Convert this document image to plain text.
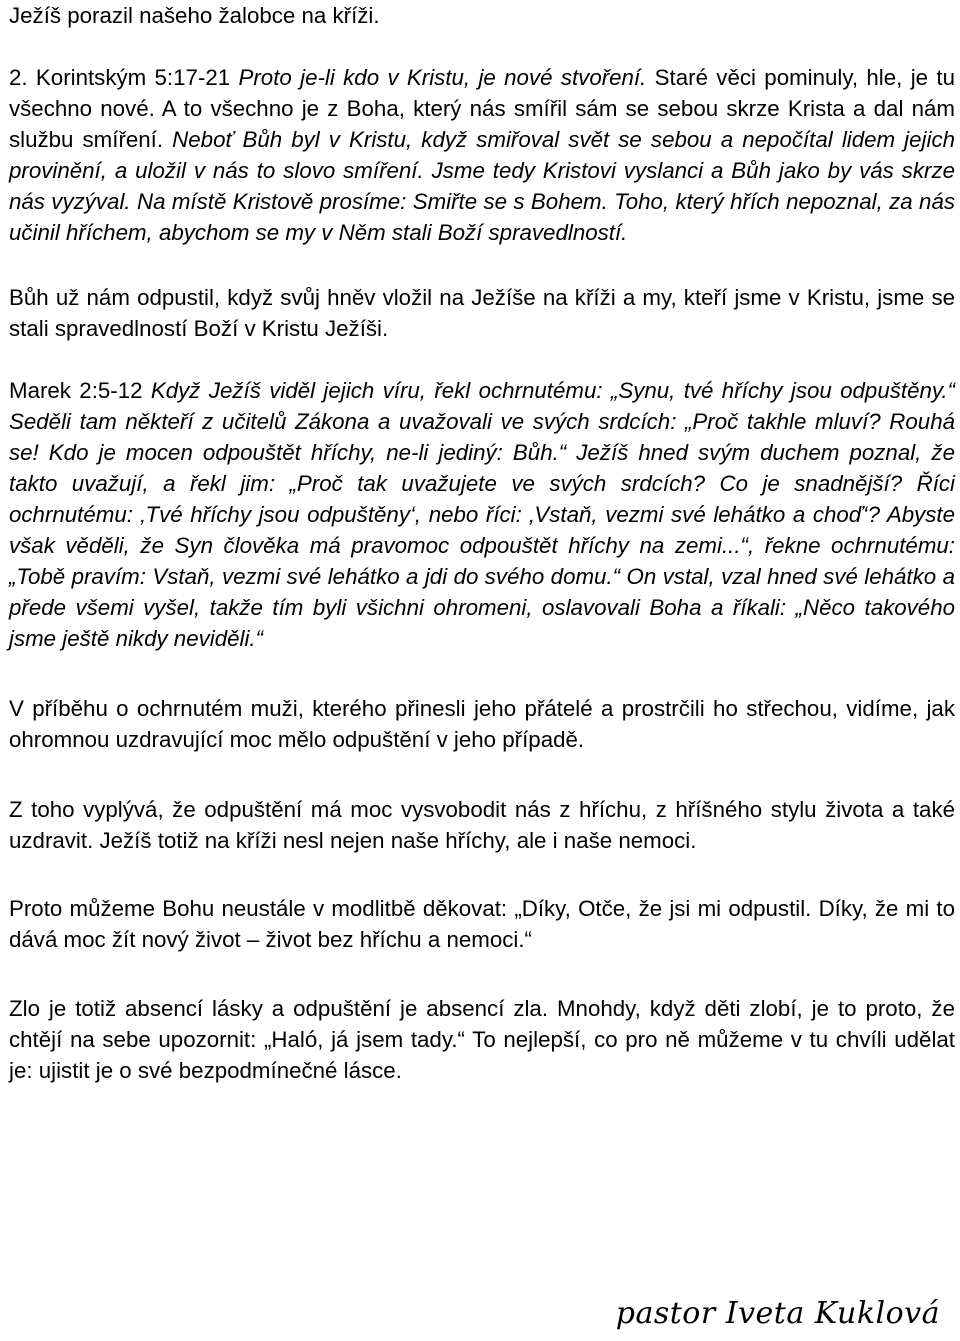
Ježíš porazil našeho žalobce na kříži.

2. Korintským 5:17-21 Proto je-li kdo v Kristu, je nové stvoření. Staré věci pominuly, hle, je tu všechno nové. A to všechno je z Boha, který nás smířil sám se sebou skrze Krista a dal nám službu smíření. Neboť Bůh byl v Kristu, když smiřoval svět se sebou a nepočítal lidem jejich provinění, a uložil v nás to slovo smíření. Jsme tedy Kristovi vyslanci a Bůh jako by vás skrze nás vyzýval. Na místě Kristově prosíme: Smiřte se s Bohem. Toho, který hřích nepoznal, za nás učinil hříchem, abychom se my v Něm stali Boží spravedlností.

Bůh už nám odpustil, když svůj hněv vložil na Ježíše na kříži a my, kteří jsme v Kristu, jsme se stali spravedlností Boží v Kristu Ježíši.

Marek 2:5-12 Když Ježíš viděl jejich víru, řekl ochrnutému: „Synu, tvé hříchy jsou odpuštěny.“ Seděli tam někteří z učitelů Zákona a uvažovali ve svých srdcích: „Proč takhle mluví? Rouhá se! Kdo je mocen odpouštět hříchy, ne-li jediný: Bůh.“ Ježíš hned svým duchem poznal, že takto uvažují, a řekl jim: „Proč tak uvažujete ve svých srdcích? Co je snadnější? Říci ochrnutému: ‚Tvé hříchy jsou odpuštěny‘, nebo říci: ‚Vstaň, vezmi své lehátko a choď‘? Abyste však věděli, že Syn člověka má pravomoc odpouštět hříchy na zemi...“, řekne ochrnutému: „Tobě pravím: Vstaň, vezmi své lehátko a jdi do svého domu.“ On vstal, vzal hned své lehátko a přede všemi vyšel, takže tím byli všichni ohromeni, oslavovali Boha a říkali: „Něco takového jsme ještě nikdy neviděli.“

V příběhu o ochrnutém muži, kterého přinesli jeho přátelé a prostrčili ho střechou, vidíme, jak ohromnou uzdravující moc mělo odpuštění v jeho případě.

Z toho vyplývá, že odpuštění má moc vysvobodit nás z hříchu, z hříšného stylu života a také uzdravit. Ježíš totiž na kříži nesl nejen naše hříchy, ale i naše nemoci.

Proto můžeme Bohu neustále v modlitbě děkovat: „Díky, Otče, že jsi mi odpustil. Díky, že mi to dává moc žít nový život – život bez hříchu a nemoci.“

Zlo je totiž absencí lásky a odpuštění je absencí zla. Mnohdy, když děti zlobí, je to proto, že chtějí na sebe upozornit: „Haló, já jsem tady.“ To nejlepší, co pro ně můžeme v tu chvíli udělat je: ujistit je o své bezpodmínečné lásce.

pastor Iveta Kuklová
